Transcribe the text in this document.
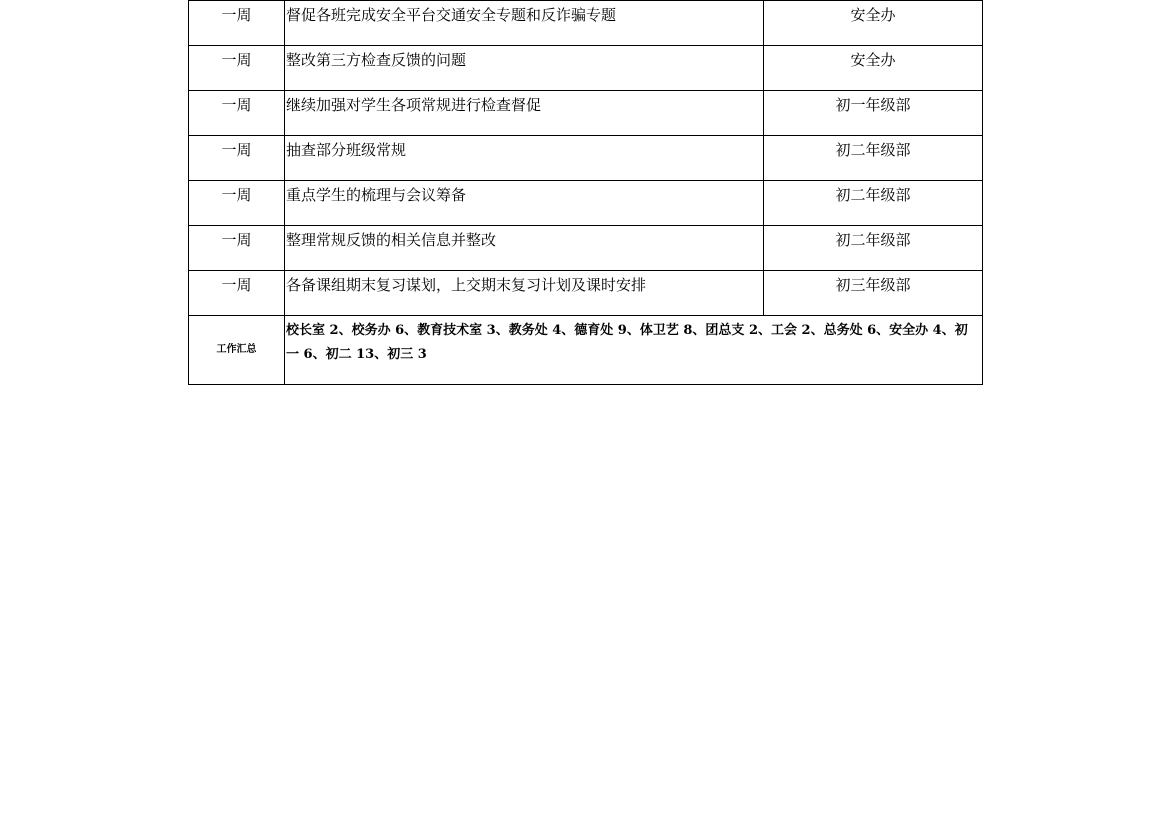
一周	督促各班完成安全平台交通安全专题和反诈骗专题	安全办
一周	整改第三方检查反馈的问题	安全办
一周	继续加强对学生各项常规进行检查督促	初一年级部
一周	抽查部分班级常规	初二年级部
一周	重点学生的梳理与会议筹备	初二年级部
一周	整理常规反馈的相关信息并整改	初二年级部
一周	各备课组期末复习谋划，上交期末复习计划及课时安排	初三年级部
工作汇总	校长室 2、校务办 6、教育技术室 3、教务处 4、德育处 9、体卫艺 8、团总支 2、工会 2、总务处 6、安全办 4、初一 6、初二 13、初三 3	
